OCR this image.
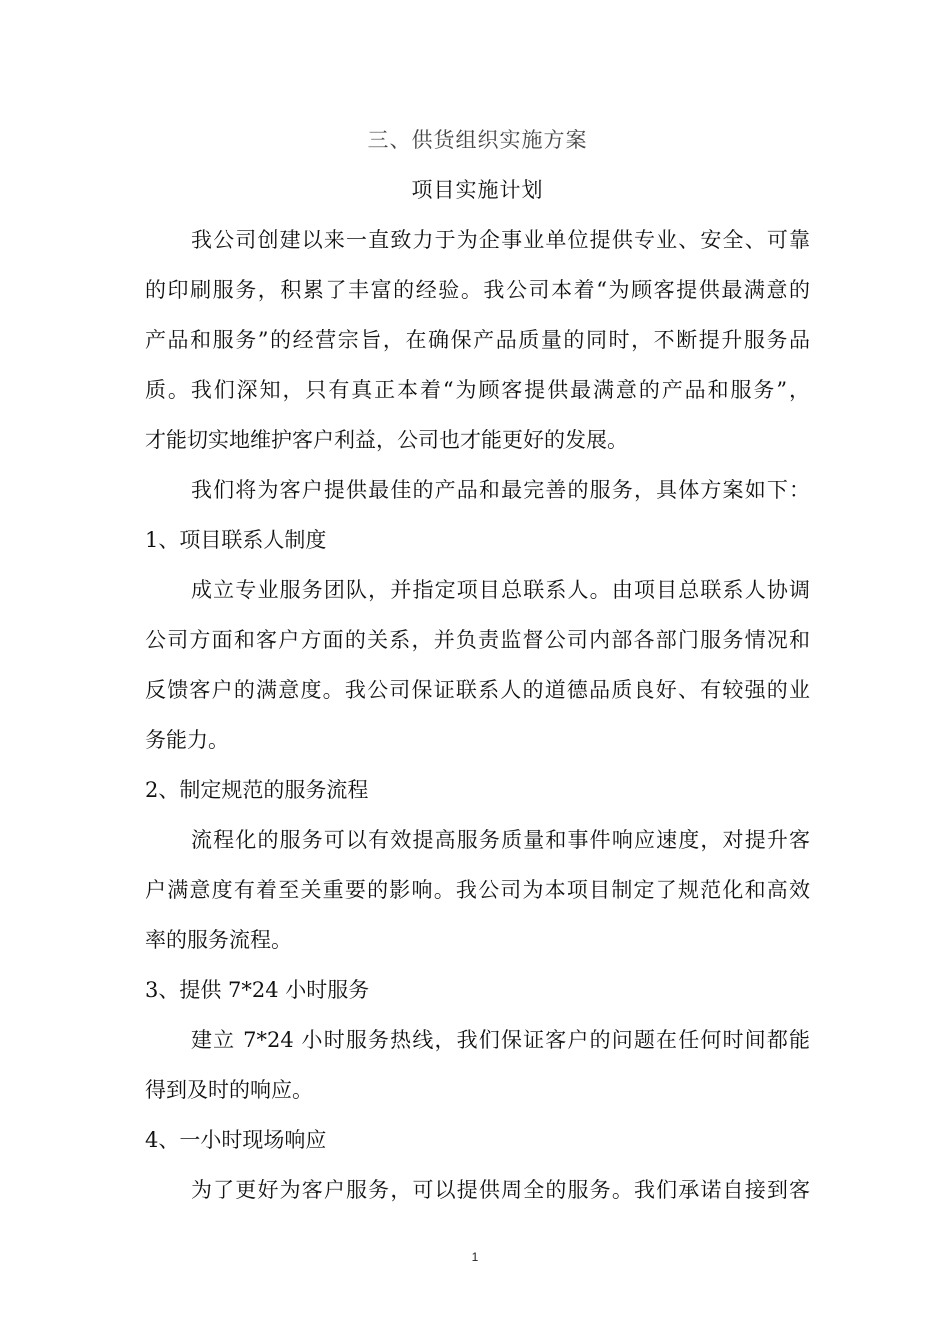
三、供货组织实施方案
项目实施计划
我公司创建以来一直致力于为企事业单位提供专业、安全、可靠
的印刷服务，积累了丰富的经验。我公司本着“为顾客提供最满意的
产品和服务”的经营宗旨，在确保产品质量的同时，不断提升服务品
质。我们深知，只有真正本着“为顾客提供最满意的产品和服务”，
才能切实地维护客户利益，公司也才能更好的发展。
我们将为客户提供最佳的产品和最完善的服务，具体方案如下：
1、项目联系人制度
成立专业服务团队，并指定项目总联系人。由项目总联系人协调
公司方面和客户方面的关系，并负责监督公司内部各部门服务情况和
反馈客户的满意度。我公司保证联系人的道德品质良好、有较强的业
务能力。
2、制定规范的服务流程
流程化的服务可以有效提高服务质量和事件响应速度，对提升客
户满意度有着至关重要的影响。我公司为本项目制定了规范化和高效
率的服务流程。
3、提供 7*24 小时服务
建立 7*24 小时服务热线，我们保证客户的问题在任何时间都能
得到及时的响应。
4、一小时现场响应
为了更好为客户服务，可以提供周全的服务。我们承诺自接到客
1
